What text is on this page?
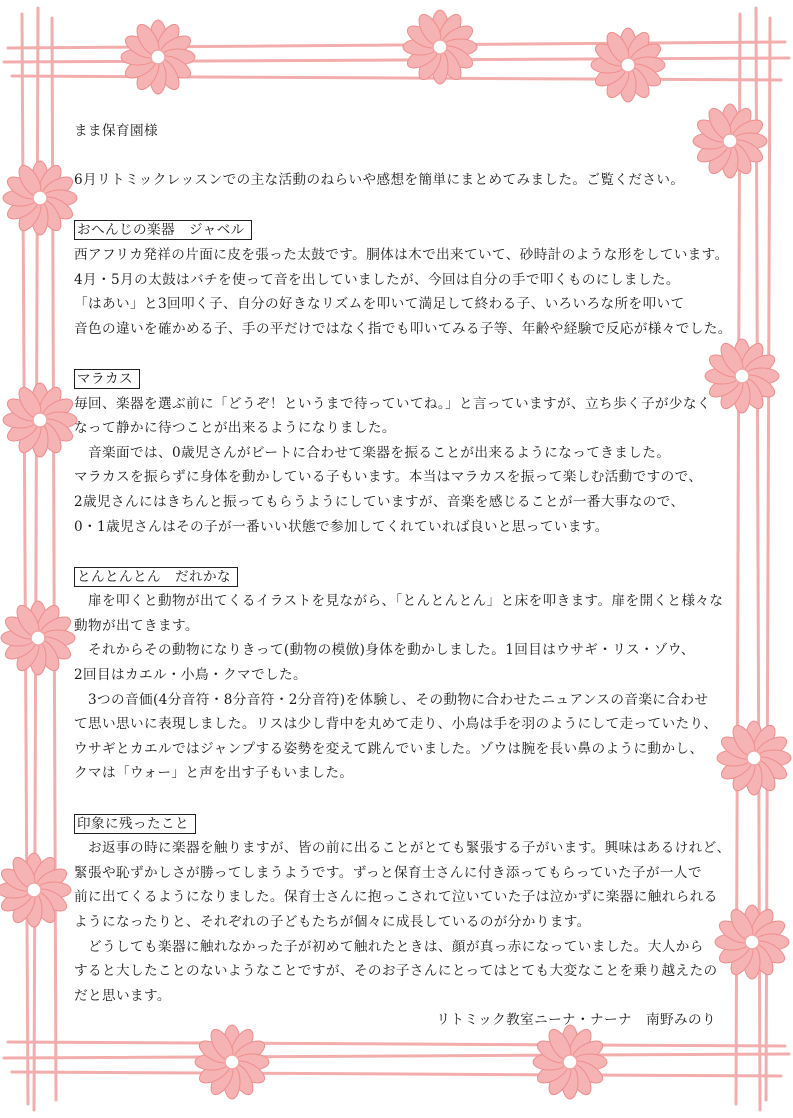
まま保育園様
6月リトミックレッスンでの主な活動のねらいや感想を簡単にまとめてみました。ご覧ください。
おへんじの楽器　ジャベル
西アフリカ発祥の片面に皮を張った太鼓です。胴体は木で出来ていて、砂時計のような形をしています。
4月・5月の太鼓はバチを使って音を出していましたが、今回は自分の手で叩くものにしました。
「はあい」と3回叩く子、自分の好きなリズムを叩いて満足して終わる子、いろいろな所を叩いて
音色の違いを確かめる子、手の平だけではなく指でも叩いてみる子等、年齢や経験で反応が様々でした。
マラカス
毎回、楽器を選ぶ前に「どうぞ！というまで待っていてね。」と言っていますが、立ち歩く子が少なく
なって静かに待つことが出来るようになりました。
　音楽面では、0歳児さんがビートに合わせて楽器を振ることが出来るようになってきました。
マラカスを振らずに身体を動かしている子もいます。本当はマラカスを振って楽しむ活動ですので、
2歳児さんにはきちんと振ってもらうようにしていますが、音楽を感じることが一番大事なので、
0・1歳児さんはその子が一番いい状態で参加してくれていれば良いと思っています。
とんとんとん　だれかな
　扉を叩くと動物が出てくるイラストを見ながら、「とんとんとん」と床を叩きます。扉を開くと様々な
動物が出てきます。
　それからその動物になりきって(動物の模倣)身体を動かしました。1回目はウサギ・リス・ゾウ、
2回目はカエル・小鳥・クマでした。
　3つの音価(4分音符・8分音符・2分音符)を体験し、その動物に合わせたニュアンスの音楽に合わせ
て思い思いに表現しました。リスは少し背中を丸めて走り、小鳥は手を羽のようにして走っていたり、
ウサギとカエルではジャンプする姿勢を変えて跳んでいました。ゾウは腕を長い鼻のように動かし、
クマは「ウォー」と声を出す子もいました。
印象に残ったこと
　お返事の時に楽器を触りますが、皆の前に出ることがとても緊張する子がいます。興味はあるけれど、
緊張や恥ずかしさが勝ってしまうようです。ずっと保育士さんに付き添ってもらっていた子が一人で
前に出てくるようになりました。保育士さんに抱っこされて泣いていた子は泣かずに楽器に触れられる
ようになったりと、それぞれの子どもたちが個々に成長しているのが分かります。
　どうしても楽器に触れなかった子が初めて触れたときは、顔が真っ赤になっていました。大人から
すると大したことのないようなことですが、そのお子さんにとってはとても大変なことを乗り越えたの
だと思います。
リトミック教室ニーナ・ナーナ　南野みのり
